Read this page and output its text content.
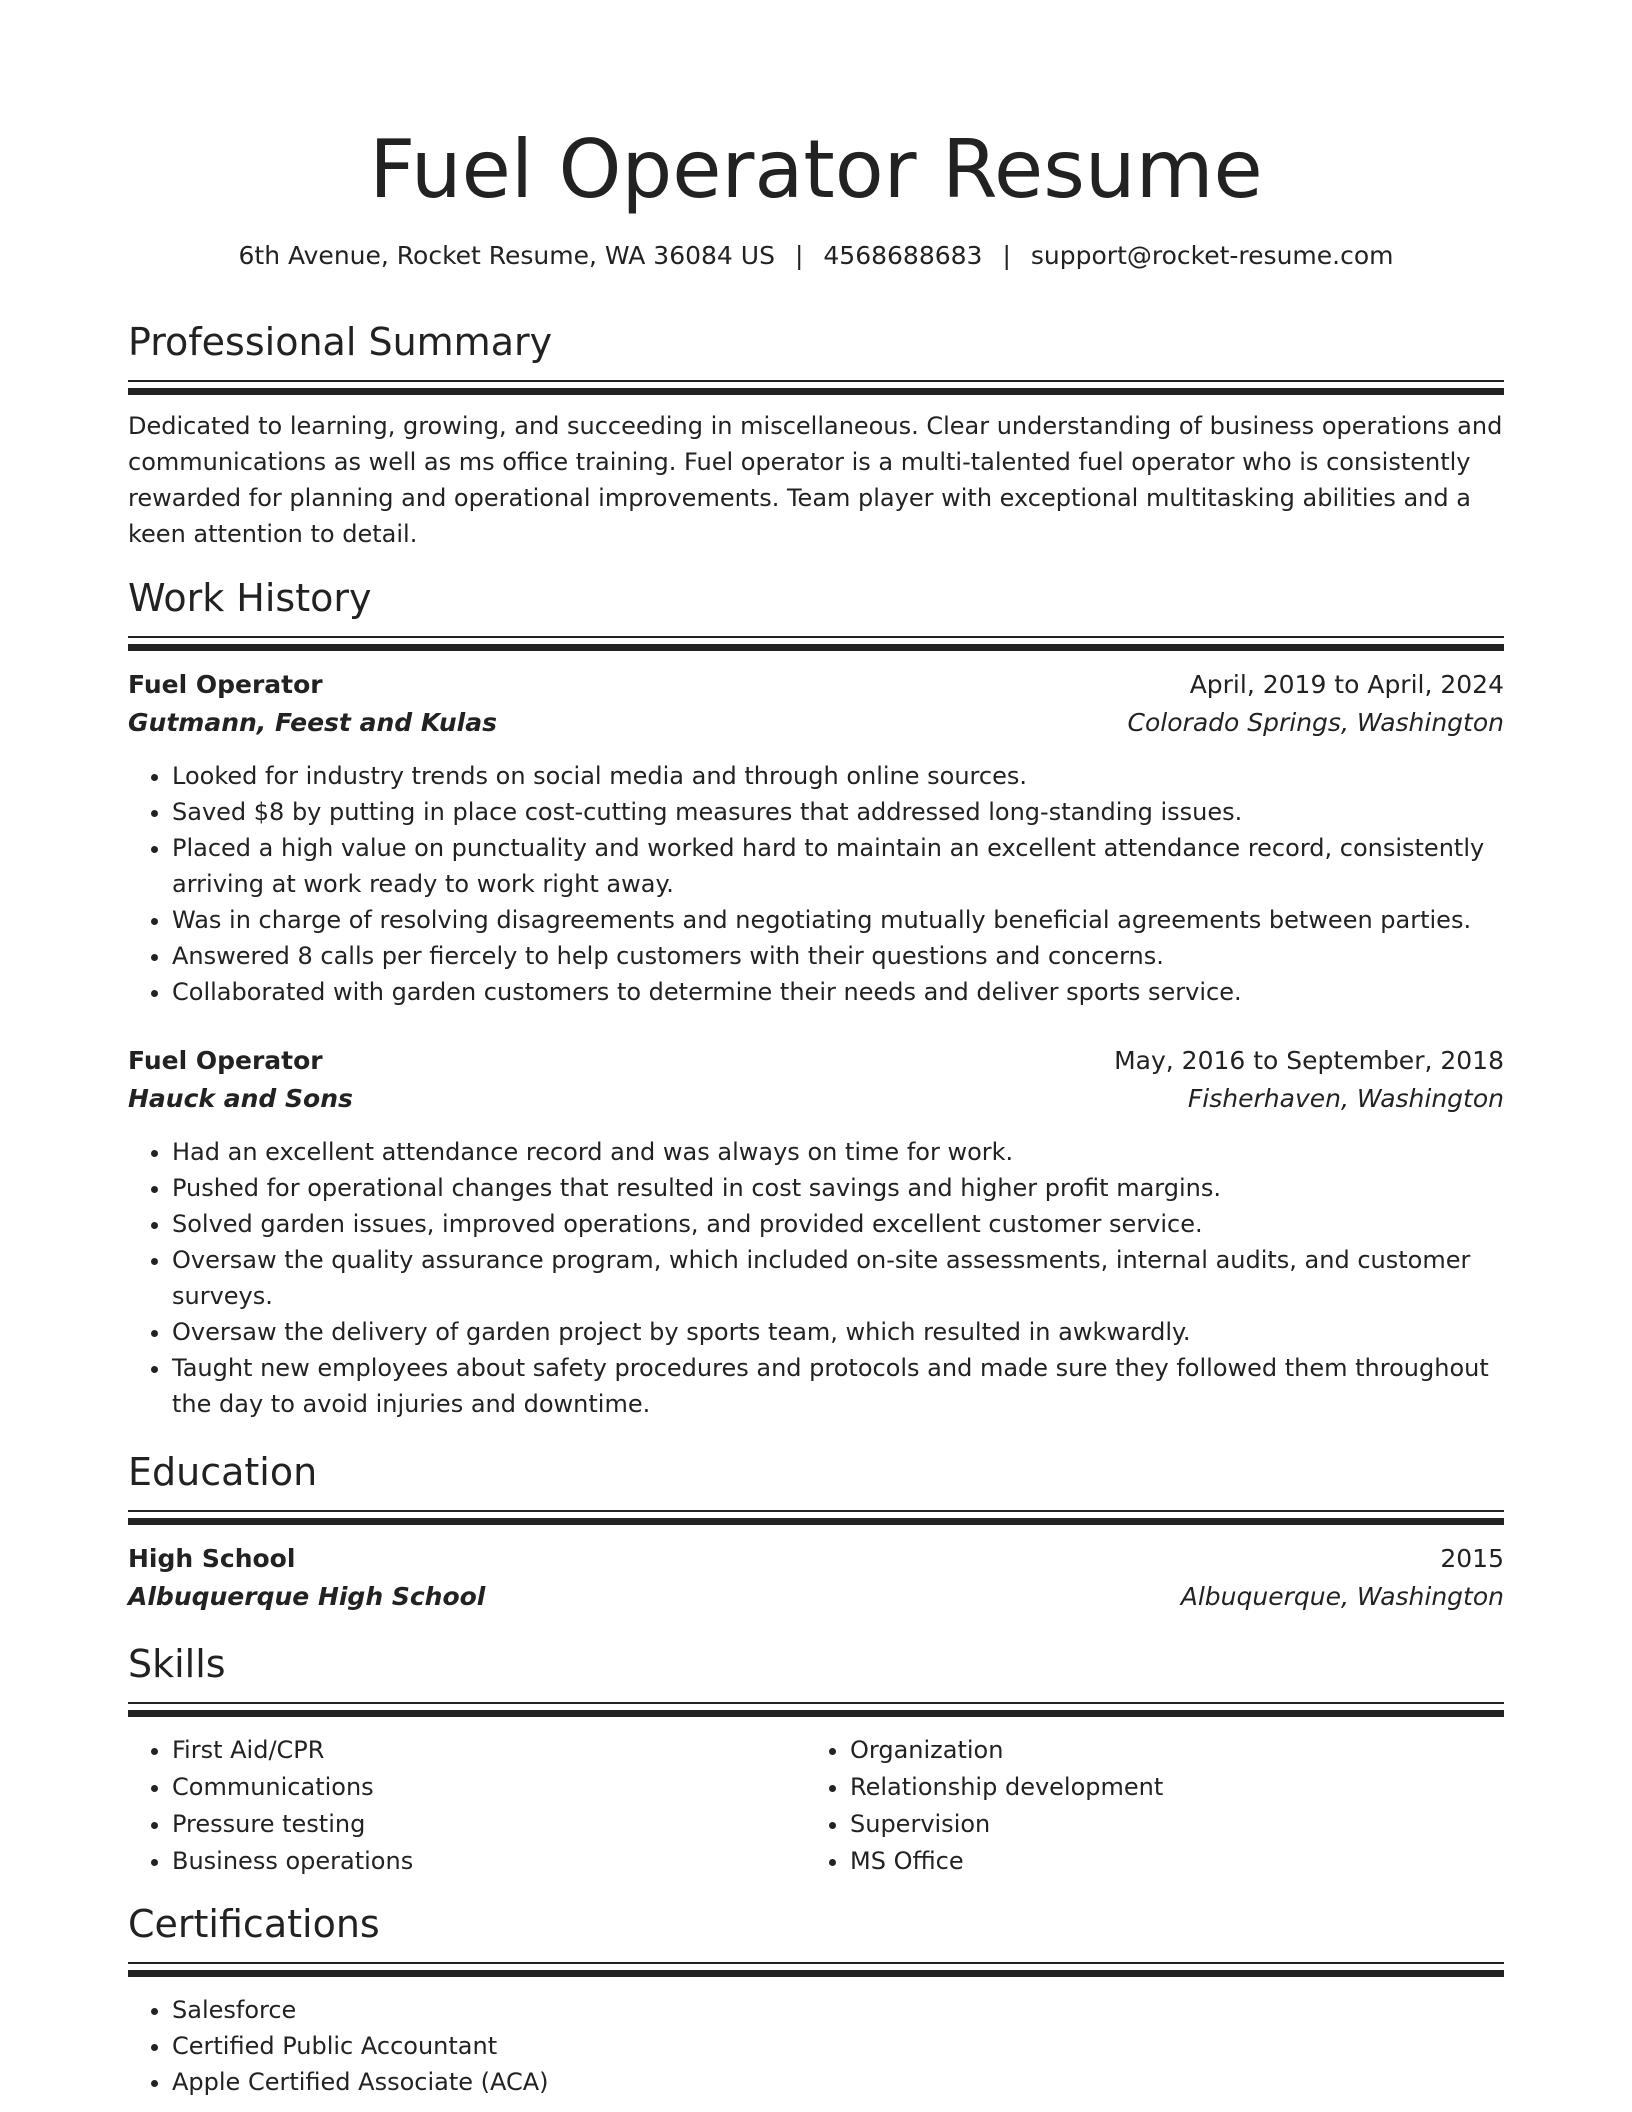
Fuel Operator Resume
6th Avenue, Rocket Resume, WA 36084 US | 4568688683 | support@rocket-resume.com
Professional Summary

Dedicated to learning, growing, and succeeding in miscellaneous. Clear understanding of business operations and communications as well as ms office training. Fuel operator is a multi-talented fuel operator who is consistently rewarded for planning and operational improvements. Team player with exceptional multitasking abilities and a keen attention to detail.

Work History
Fuel Operator	April, 2019 to April, 2024
Gutmann, Feest and Kulas	Colorado Springs, Washington
• Looked for industry trends on social media and through online sources.
• Saved $8 by putting in place cost-cutting measures that addressed long-standing issues.
• Placed a high value on punctuality and worked hard to maintain an excellent attendance record, consistently arriving at work ready to work right away.
• Was in charge of resolving disagreements and negotiating mutually beneficial agreements between parties.
• Answered 8 calls per fiercely to help customers with their questions and concerns.
• Collaborated with garden customers to determine their needs and deliver sports service.
Fuel Operator	May, 2016 to September, 2018
Hauck and Sons	Fisherhaven, Washington
• Had an excellent attendance record and was always on time for work.
• Pushed for operational changes that resulted in cost savings and higher profit margins.
• Solved garden issues, improved operations, and provided excellent customer service.
• Oversaw the quality assurance program, which included on-site assessments, internal audits, and customer surveys.
• Oversaw the delivery of garden project by sports team, which resulted in awkwardly.
• Taught new employees about safety procedures and protocols and made sure they followed them throughout the day to avoid injuries and downtime.
Education
High School	2015
Albuquerque High School	Albuquerque, Washington
Skills
• First Aid/CPR
• Communications
• Pressure testing
• Business operations
• Organization
• Relationship development
• Supervision
• MS Office
Certifications
• Salesforce
• Certified Public Accountant
• Apple Certified Associate (ACA)
